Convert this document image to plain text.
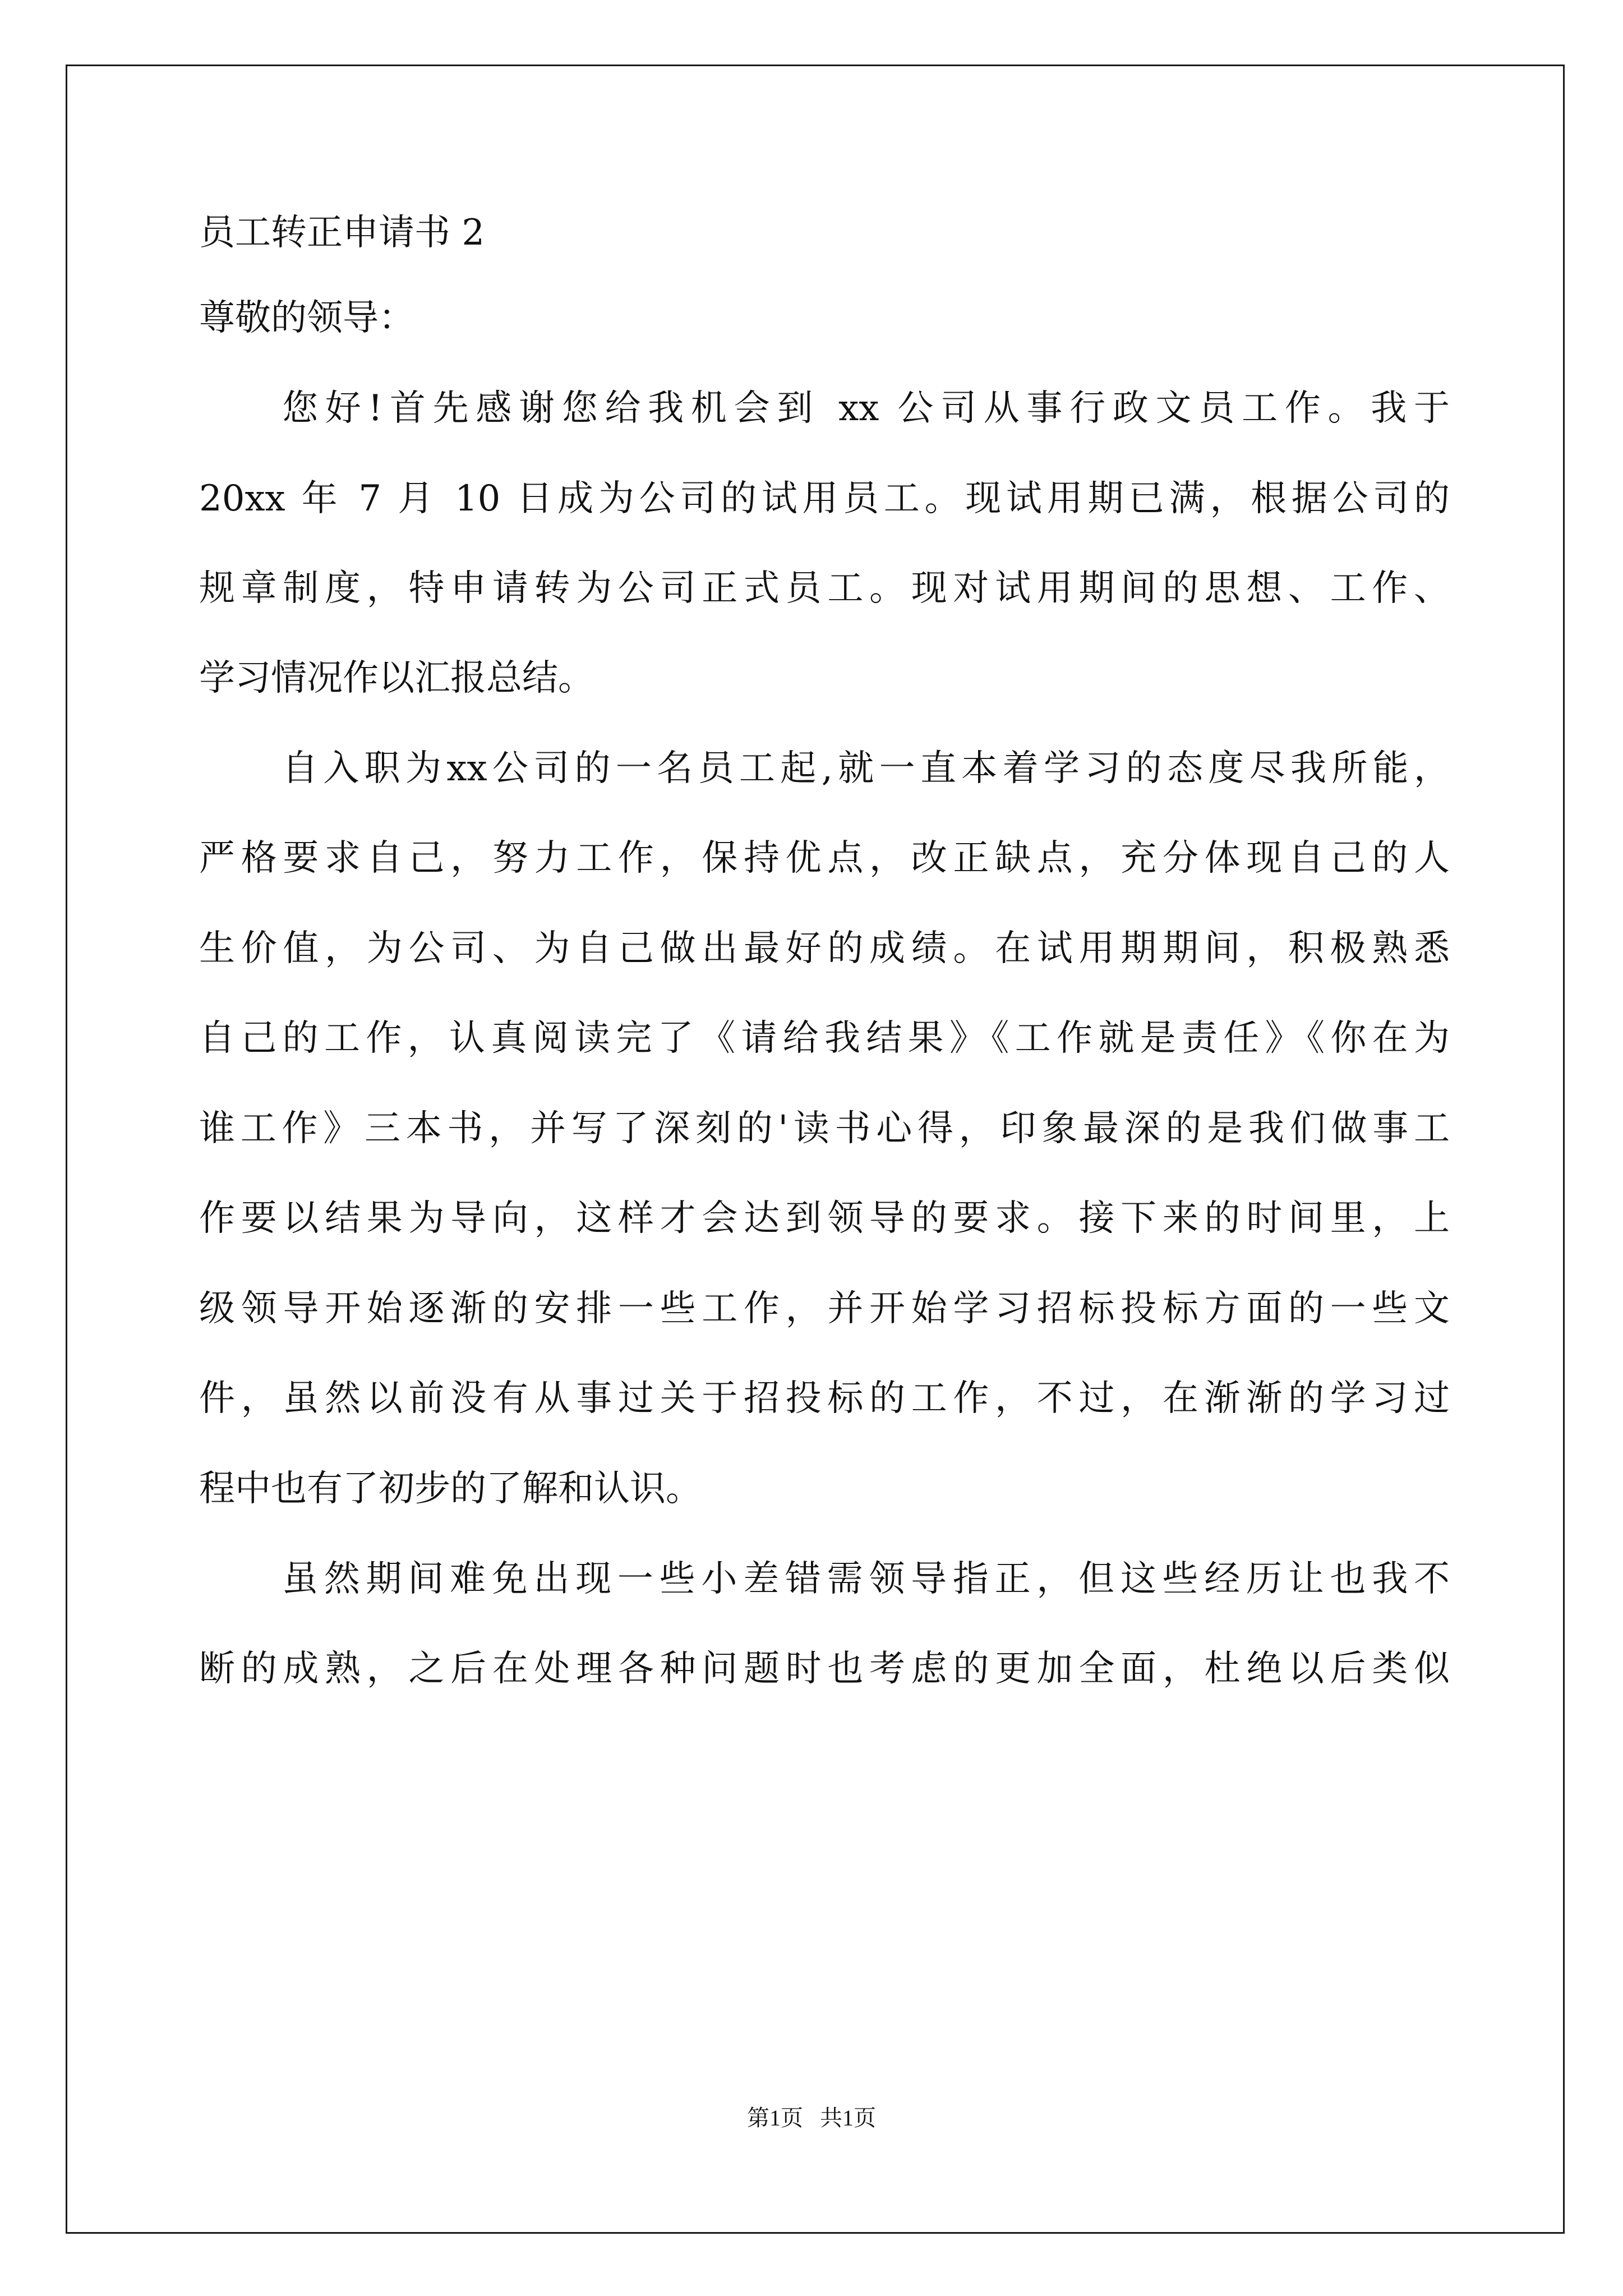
员工转正申请书 2
尊敬的领导：
您好!首先感谢您给我机会到 xx 公司从事行政文员工作。我于
20xx 年 7 月 10 日成为公司的试用员工。现试用期已满，根据公司的
规章制度，特申请转为公司正式员工。现对试用期间的思想、工作、
学习情况作以汇报总结。
自入职为xx公司的一名员工起,就一直本着学习的态度尽我所能，
严格要求自己，努力工作，保持优点，改正缺点，充分体现自己的人
生价值，为公司、为自己做出最好的成绩。在试用期期间，积极熟悉
自己的工作，认真阅读完了《请给我结果》《工作就是责任》《你在为
谁工作》三本书，并写了深刻的'读书心得，印象最深的是我们做事工
作要以结果为导向，这样才会达到领导的要求。接下来的时间里，上
级领导开始逐渐的安排一些工作，并开始学习招标投标方面的一些文
件，虽然以前没有从事过关于招投标的工作，不过，在渐渐的学习过
程中也有了初步的了解和认识。
虽然期间难免出现一些小差错需领导指正，但这些经历让也我不
断的成熟，之后在处理各种问题时也考虑的更加全面，杜绝以后类似
第1页   共1页
